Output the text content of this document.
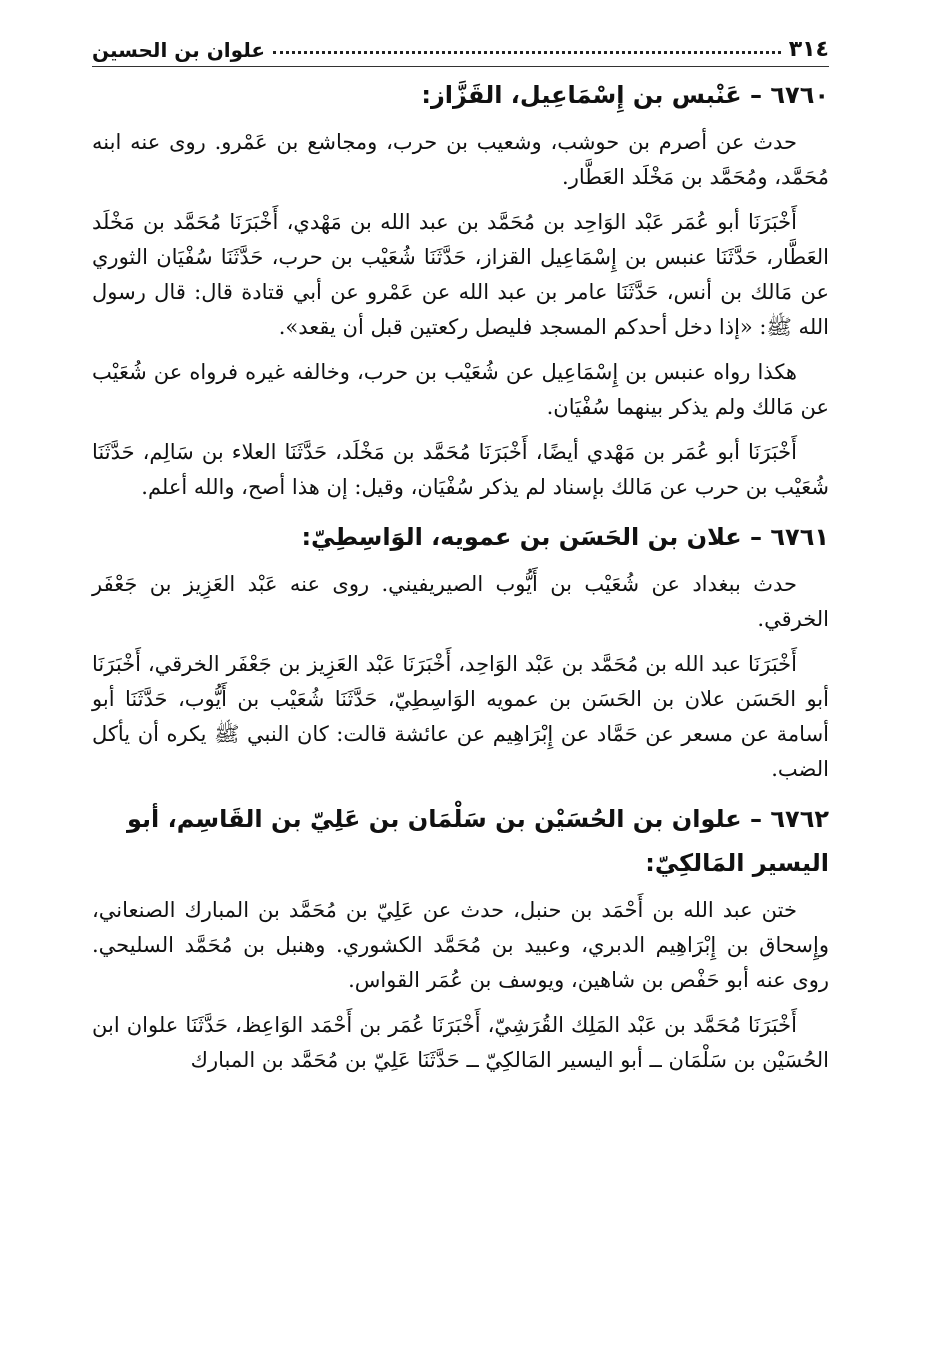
٣١٤
علوان بن الحسين
٦٧٦٠ – عَنْبس بن إِسْمَاعِيل، القَزَّاز:

حدث عن أصرم بن حوشب، وشعيب بن حرب، ومجاشع بن عَمْرو. روى عنه ابنه مُحَمَّد، ومُحَمَّد بن مَخْلَد العَطَّار.

أَخْبَرَنَا أبو عُمَر عَبْد الوَاحِد بن مُحَمَّد بن عبد الله بن مَهْدي، أَخْبَرَنَا مُحَمَّد بن مَخْلَد العَطَّار، حَدَّثَنَا عنبس بن إِسْمَاعِيل القزاز، حَدَّثَنَا شُعَيْب بن حرب، حَدَّثَنَا سُفْيَان الثوري عن مَالك بن أنس، حَدَّثَنَا عامر بن عبد الله عن عَمْرو عن أبي قتادة قال: قال رسول الله ﷺ: «إذا دخل أحدكم المسجد فليصل ركعتين قبل أن يقعد».

هكذا رواه عنبس بن إِسْمَاعِيل عن شُعَيْب بن حرب، وخالفه غيره فرواه عن شُعَيْب عن مَالك ولم يذكر بينهما سُفْيَان.

أَخْبَرَنَا أبو عُمَر بن مَهْدي أيضًا، أَخْبَرَنَا مُحَمَّد بن مَخْلَد، حَدَّثَنَا العلاء بن سَالِم، حَدَّثَنَا شُعَيْب بن حرب عن مَالك بإسناد لم يذكر سُفْيَان، وقيل: إن هذا أصح، والله أعلم.

٦٧٦١ – علان بن الحَسَن بن عمويه، الوَاسِطِيّ:

حدث ببغداد عن شُعَيْب بن أَيُّوب الصيريفيني. روى عنه عَبْد العَزِيز بن جَعْفَر الخرقي.

أَخْبَرَنَا عبد الله بن مُحَمَّد بن عَبْد الوَاحِد، أَخْبَرَنَا عَبْد العَزِيز بن جَعْفَر الخرقي، أَخْبَرَنَا أبو الحَسَن علان بن الحَسَن بن عمويه الوَاسِطِيّ، حَدَّثَنَا شُعَيْب بن أَيُّوب، حَدَّثَنَا أبو أسامة عن مسعر عن حَمَّاد عن إِبْرَاهِيم عن عائشة قالت: كان النبي ﷺ يكره أن يأكل الضب.

٦٧٦٢ – علوان بن الحُسَيْن بن سَلْمَان بن عَلِيّ بن القَاسِم، أبو اليسير المَالكِيّ:

ختن عبد الله بن أَحْمَد بن حنبل، حدث عن عَلِيّ بن مُحَمَّد بن المبارك الصنعاني، وإِسحاق بن إِبْرَاهِيم الدبري، وعبيد بن مُحَمَّد الكشوري. وهنبل بن مُحَمَّد السليحي. روى عنه أبو حَفْص بن شاهين، ويوسف بن عُمَر القواس.

أَخْبَرَنَا مُحَمَّد بن عَبْد المَلِك القُرَشِيّ، أَخْبَرَنَا عُمَر بن أَحْمَد الوَاعِظ، حَدَّثَنَا علوان ابن الحُسَيْن بن سَلْمَان ــ أبو اليسير المَالكِيّ ــ حَدَّثَنَا عَلِيّ بن مُحَمَّد بن المبارك
